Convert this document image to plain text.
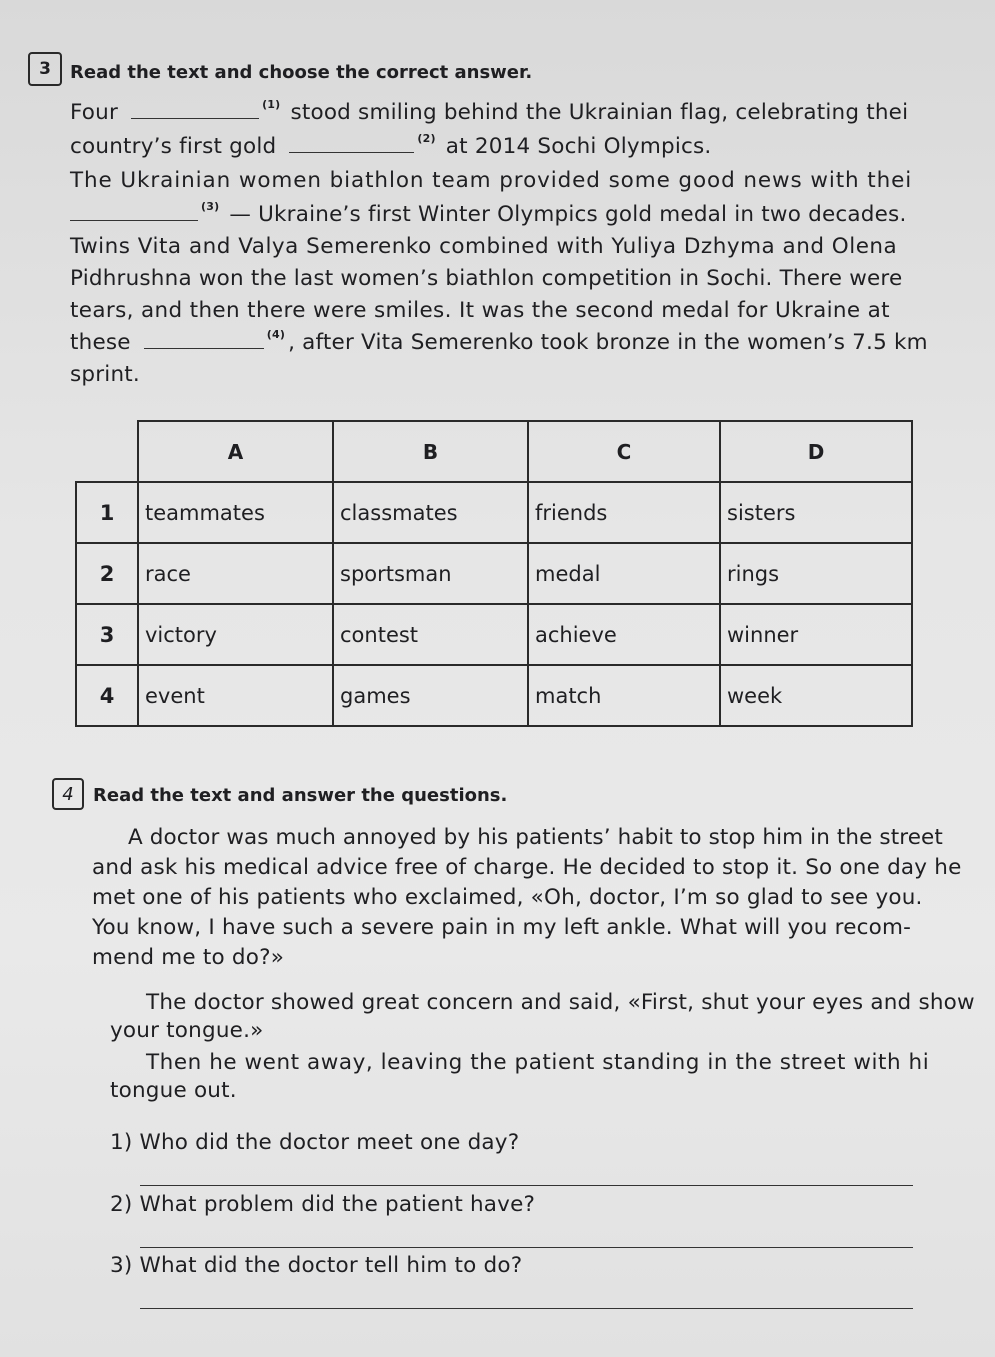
3	Read the text and choose the correct answer.
Four	$^{(1)}$ stood smiling behind the Ukrainian flag, celebrating thei
country’s first gold	$^{(2)}$ at 2014 Sochi Olympics.
The Ukrainian women biathlon team provided some good news with thei
$^{(3)}$ — Ukraine’s first Winter Olympics gold medal in two decades.
Twins Vita and Valya Semerenko combined with Yuliya Dzhyma and Olena
Pidhrushna won the last women’s biathlon competition in Sochi. There were
tears, and then there were smiles. It was the second medal for Ukraine at
these	$^{(4)}$ , after Vita Semerenko took bronze in the women’s 7.5 km
sprint.
	A	B	C	D
1	teammates	classmates	friends	sisters
2	race	sportsman	medal	rings
3	victory	contest	achieve	winner
4	event	games	match	week
4	Read the text and answer the questions.
A doctor was much annoyed by his patients’ habit to stop him in the street
and ask his medical advice free of charge. He decided to stop it. So one day he
met one of his patients who exclaimed, «Oh, doctor, I’m so glad to see you.
You know, I have such a severe pain in my left ankle. What will you recom-
mend me to do?»
The doctor showed great concern and said, «First, shut your eyes and show
your tongue.»
Then he went away, leaving the patient standing in the street with hi
tongue out.
1) Who did the doctor meet one day?
2) What problem did the patient have?
3) What did the doctor tell him to do?
